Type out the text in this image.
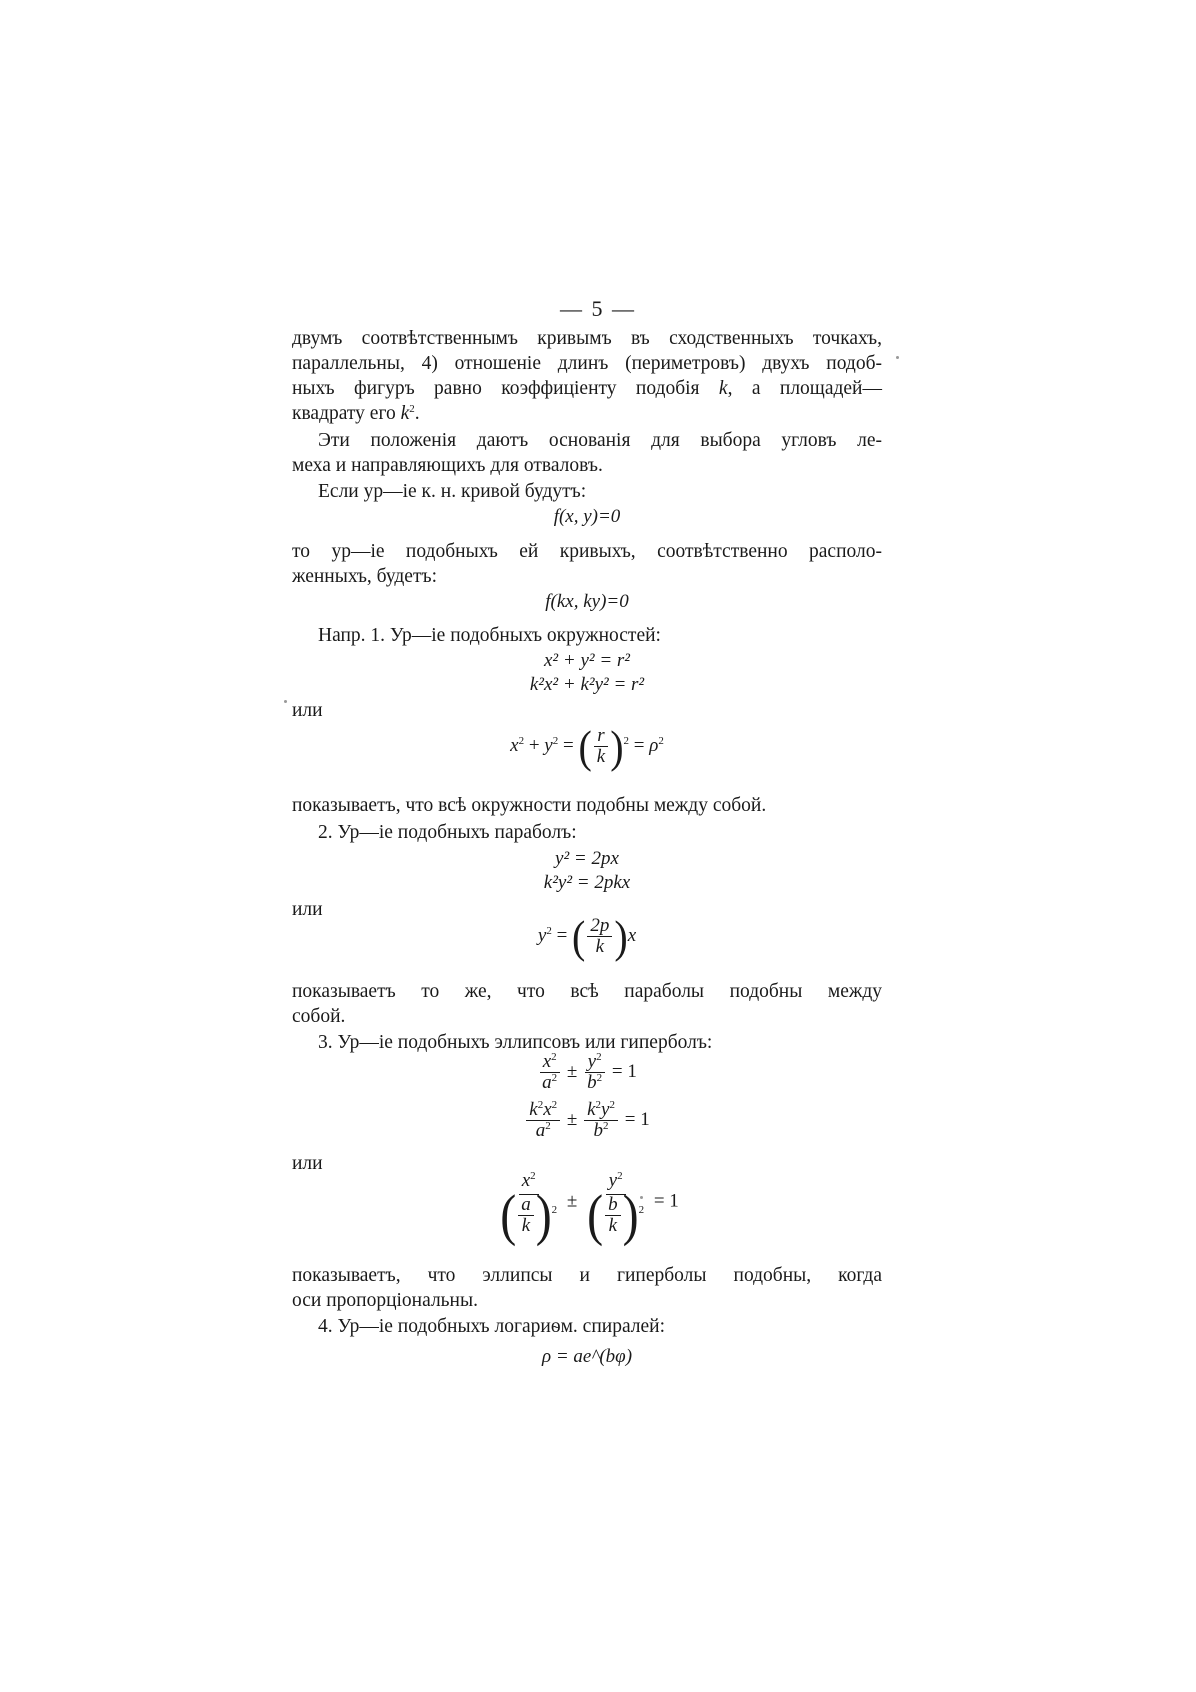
— 5 —
двумъ соотвѣтственнымъ кривымъ въ сходственныхъ точкахъ,
параллельны, 4) отношеніе длинъ (периметровъ) двухъ подоб-
ныхъ фигуръ равно коэффиціенту подобія k, а площадей—
квадрату его $k^2$.
Эти положенія даютъ основанія для выбора угловъ ле-
меха и направляющихъ для отваловъ.
Если ур—іе к. н. кривой будутъ:
f(x, y)=0
то ур—іе подобныхъ ей кривыхъ, соотвѣтственно располо-
женныхъ, будетъ:
f(kx, ky)=0
Напр. 1. Ур—іе подобныхъ окружностей:
x² + y² = r²
k²x² + k²y² = r²
или
$x^2 + y^2$ = ( $\frac{r}{k} )^2 = \rho^2$
показываетъ, что всѣ окружности подобны между собой.
2. Ур—іе подобныхъ параболъ:
y² = 2px
k²y² = 2pkx
или
$y^2$ = ( $\frac{2p}{k} )x$
показываетъ то же, что всѣ параболы подобны между
собой.
3. Ур—іе подобныхъ эллипсовъ или гиперболъ:
$\frac{x^2}{a^2} \pm \frac{y^2}{b^2} = 1$
$\frac{k^2x^2}{a^2} \pm \frac{k^2y^2}{b^2} = 1$
или
$\frac{x^2}{( \frac{a}{k} )^2} \pm \frac{y^2}{( \frac{b}{k} )^2} = 1$
показываетъ, что эллипсы и гиперболы подобны, когда
оси пропорціональны.
4. Ур—іе подобныхъ логариѳм. спиралей:
ρ = ae^(bφ)
